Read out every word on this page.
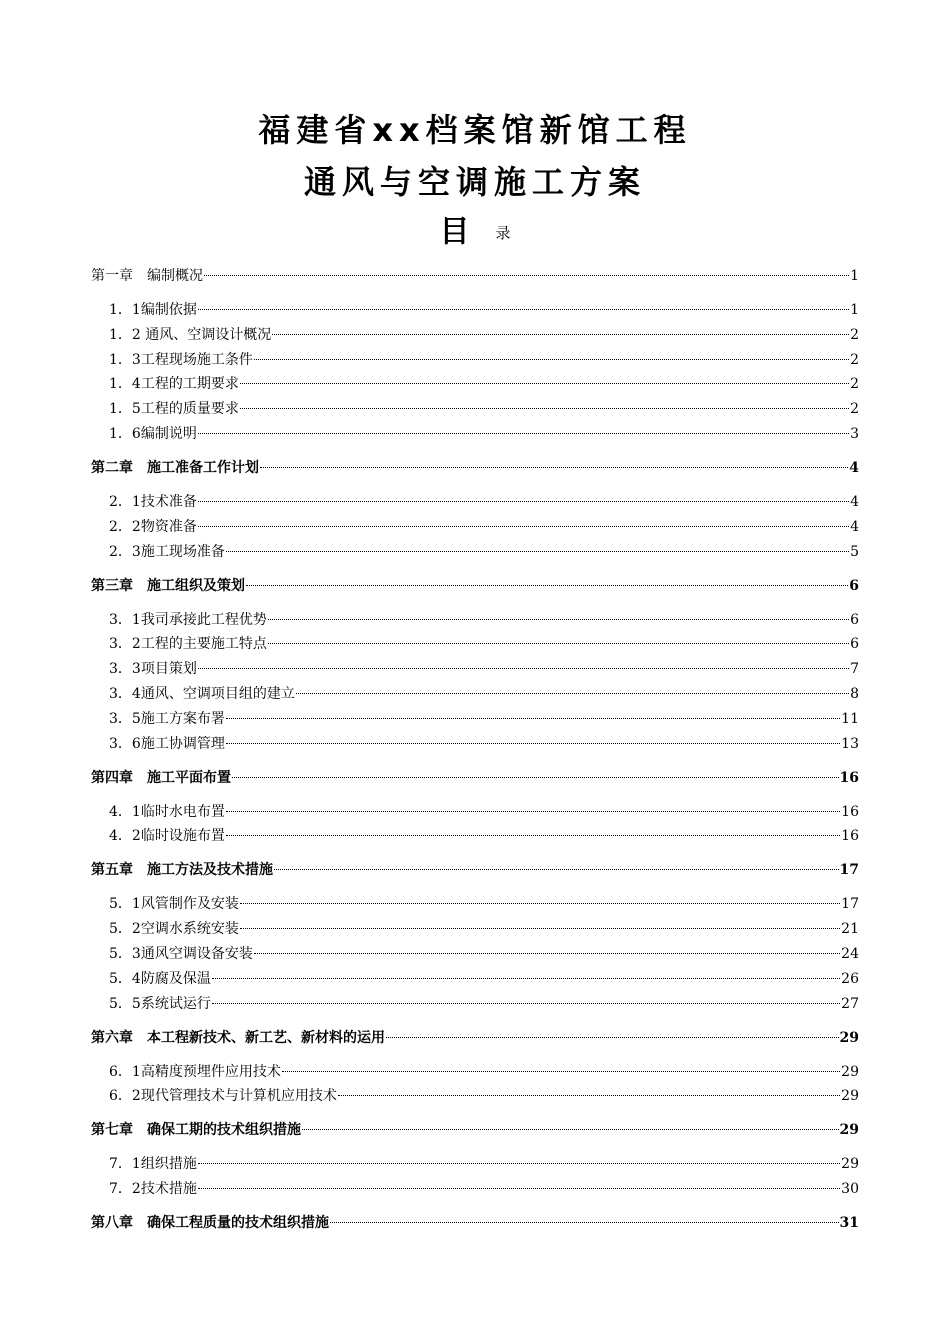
福建省xx档案馆新馆工程
通风与空调施工方案
目 录
第一章　编制概况	1
1．1编制依据	1
1．2 通风、空调设计概况	2
1．3工程现场施工条件	2
1．4工程的工期要求	2
1．5工程的质量要求	2
1．6编制说明	3
第二章　施工准备工作计划	4
2．1技术准备	4
2．2物资准备	4
2．3施工现场准备	5
第三章　施工组织及策划	6
3．1我司承接此工程优势	6
3．2工程的主要施工特点	6
3．3项目策划	7
3．4通风、空调项目组的建立	8
3．5施工方案布署	11
3．6施工协调管理	13
第四章　施工平面布置	16
4．1临时水电布置	16
4．2临时设施布置	16
第五章　施工方法及技术措施	17
5．1风管制作及安装	17
5．2空调水系统安装	21
5．3通风空调设备安装	24
5．4防腐及保温	26
5．5系统试运行	27
第六章　本工程新技术、新工艺、新材料的运用	29
6．1高精度预埋件应用技术	29
6．2现代管理技术与计算机应用技术	29
第七章　确保工期的技术组织措施	29
7．1组织措施	29
7．2技术措施	30
第八章　确保工程质量的技术组织措施	31
